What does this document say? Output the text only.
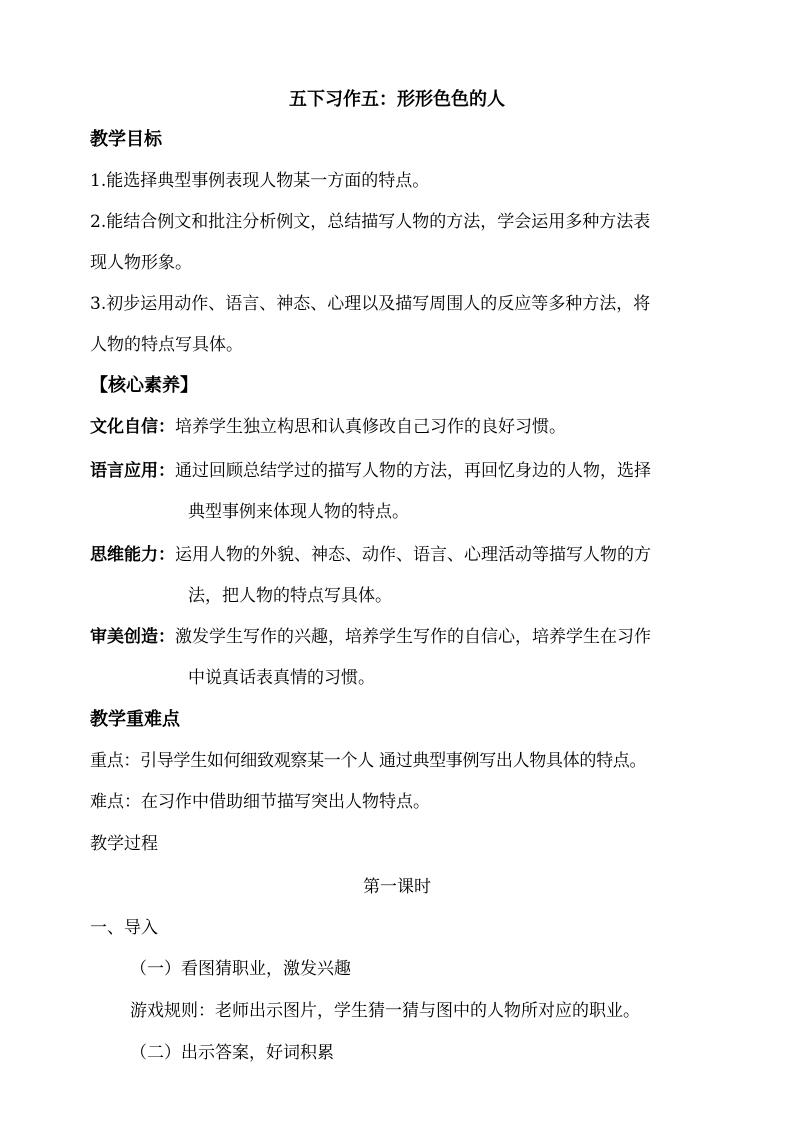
五下习作五：形形色色的人
教学目标
1.能选择典型事例表现人物某一方面的特点。
2.能结合例文和批注分析例文，总结描写人物的方法，学会运用多种方法表
现人物形象。
3.初步运用动作、语言、神态、心理以及描写周围人的反应等多种方法，将
人物的特点写具体。
【核心素养】
文化自信：培养学生独立构思和认真修改自己习作的良好习惯。
语言应用：通过回顾总结学过的描写人物的方法，再回忆身边的人物，选择
典型事例来体现人物的特点。
思维能力：运用人物的外貌、神态、动作、语言、心理活动等描写人物的方
法，把人物的特点写具体。
审美创造：激发学生写作的兴趣，培养学生写作的自信心，培养学生在习作
中说真话表真情的习惯。
教学重难点
重点：引导学生如何细致观察某一个人 通过典型事例写出人物具体的特点。
难点：在习作中借助细节描写突出人物特点。
教学过程
第一课时
一、导入
（一）看图猜职业，激发兴趣
游戏规则：老师出示图片，学生猜一猜与图中的人物所对应的职业。
（二）出示答案，好词积累
